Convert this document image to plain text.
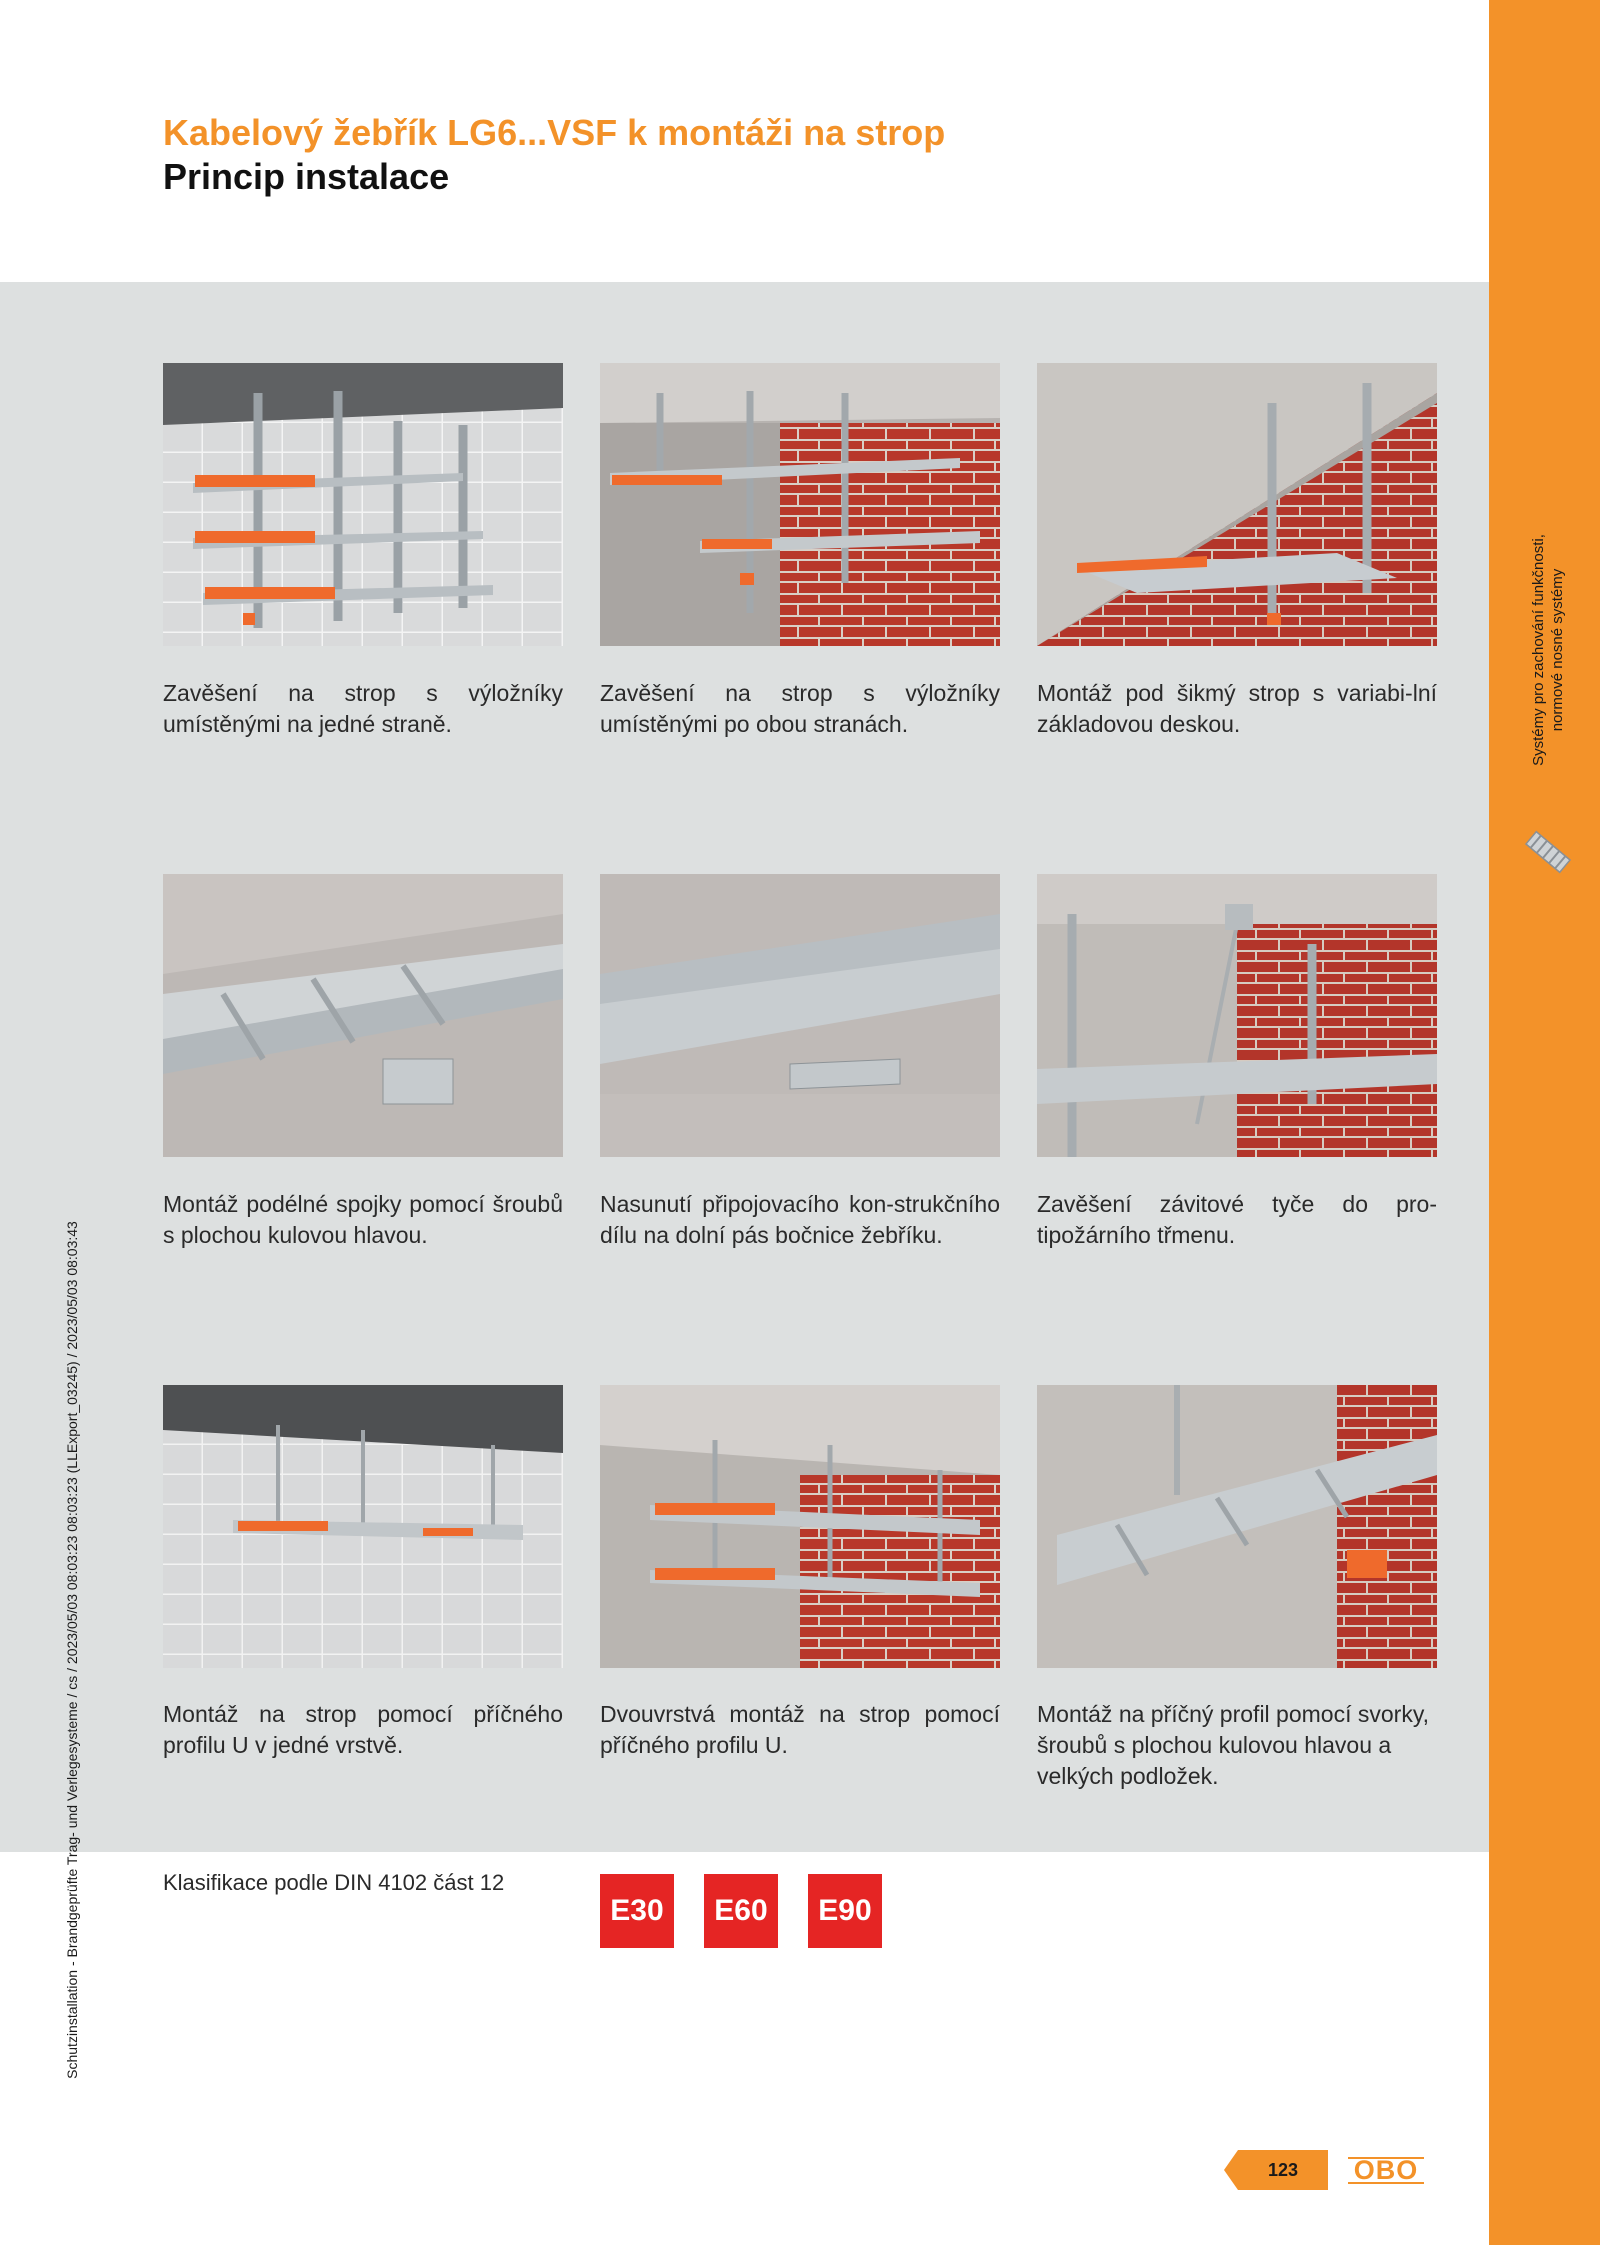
Systémy pro zachování funkčnosti, normové nosné systémy
Kabelový žebřík LG6...VSF k montáži na strop
Princip instalace
Zavěšení na strop s výložníky umístěnými na jedné straně.
Zavěšení na strop s výložníky umístěnými po obou stranách.
Montáž pod šikmý strop s variabi-lní základovou deskou.
Montáž podélné spojky pomocí šroubů s plochou kulovou hlavou.
Nasunutí připojovacího kon-strukčního dílu na dolní pás bočnice žebříku.
Zavěšení závitové tyče do pro-tipožárního třmenu.
Montáž na strop pomocí příčného profilu U v jedné vrstvě.
Dvouvrstvá montáž na strop pomocí příčného profilu U.
Montáž na příčný profil pomocí svorky, šroubů s plochou kulovou hlavou a velkých podložek.
Schutzinstallation - Brandgeprüfte Trag- und Verlegesysteme / cs / 2023/05/03 08:03:23 08:03:23 (LLExport_03245) / 2023/05/03 08:03:43	Klasifikace podle DIN 4102 část 12
E30	E60	E90
123	OBO
